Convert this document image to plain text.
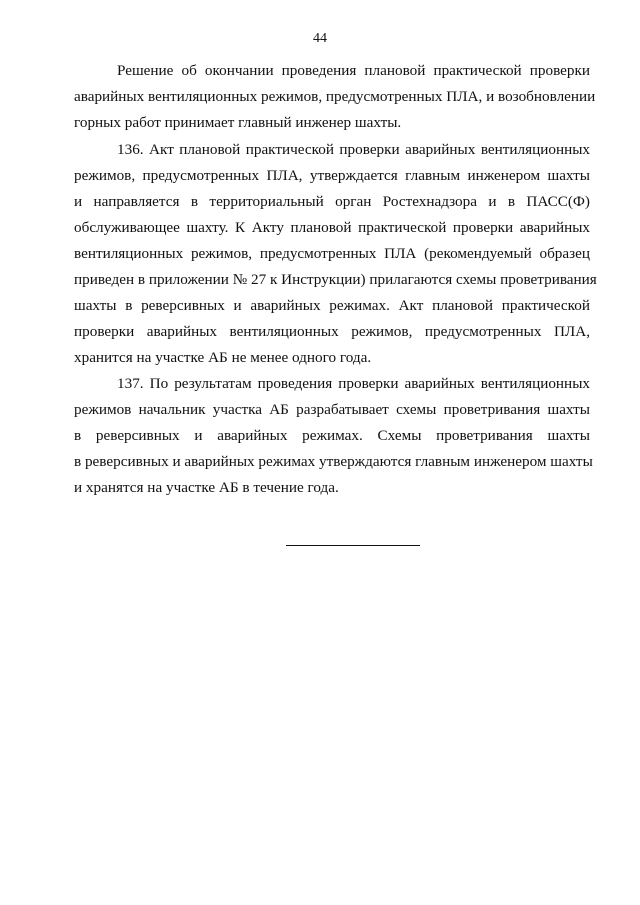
44
Решение об окончании проведения плановой практической проверки
аварийных вентиляционных режимов, предусмотренных ПЛА, и возобновлении
горных работ принимает главный инженер шахты.
136. Акт плановой практической проверки аварийных вентиляционных
режимов, предусмотренных ПЛА, утверждается главным инженером шахты
и направляется в территориальный орган Ростехнадзора и в ПАСС(Ф)
обслуживающее шахту. К Акту плановой практической проверки аварийных
вентиляционных режимов, предусмотренных ПЛА (рекомендуемый образец
приведен в приложении № 27 к Инструкции) прилагаются схемы проветривания
шахты в реверсивных и аварийных режимах. Акт плановой практической
проверки аварийных вентиляционных режимов, предусмотренных ПЛА,
хранится на участке АБ не менее одного года.
137. По результатам проведения проверки аварийных вентиляционных
режимов начальник участка АБ разрабатывает схемы проветривания шахты
в реверсивных и аварийных режимах. Схемы проветривания шахты
в реверсивных и аварийных режимах утверждаются главным инженером шахты
и хранятся на участке АБ в течение года.
